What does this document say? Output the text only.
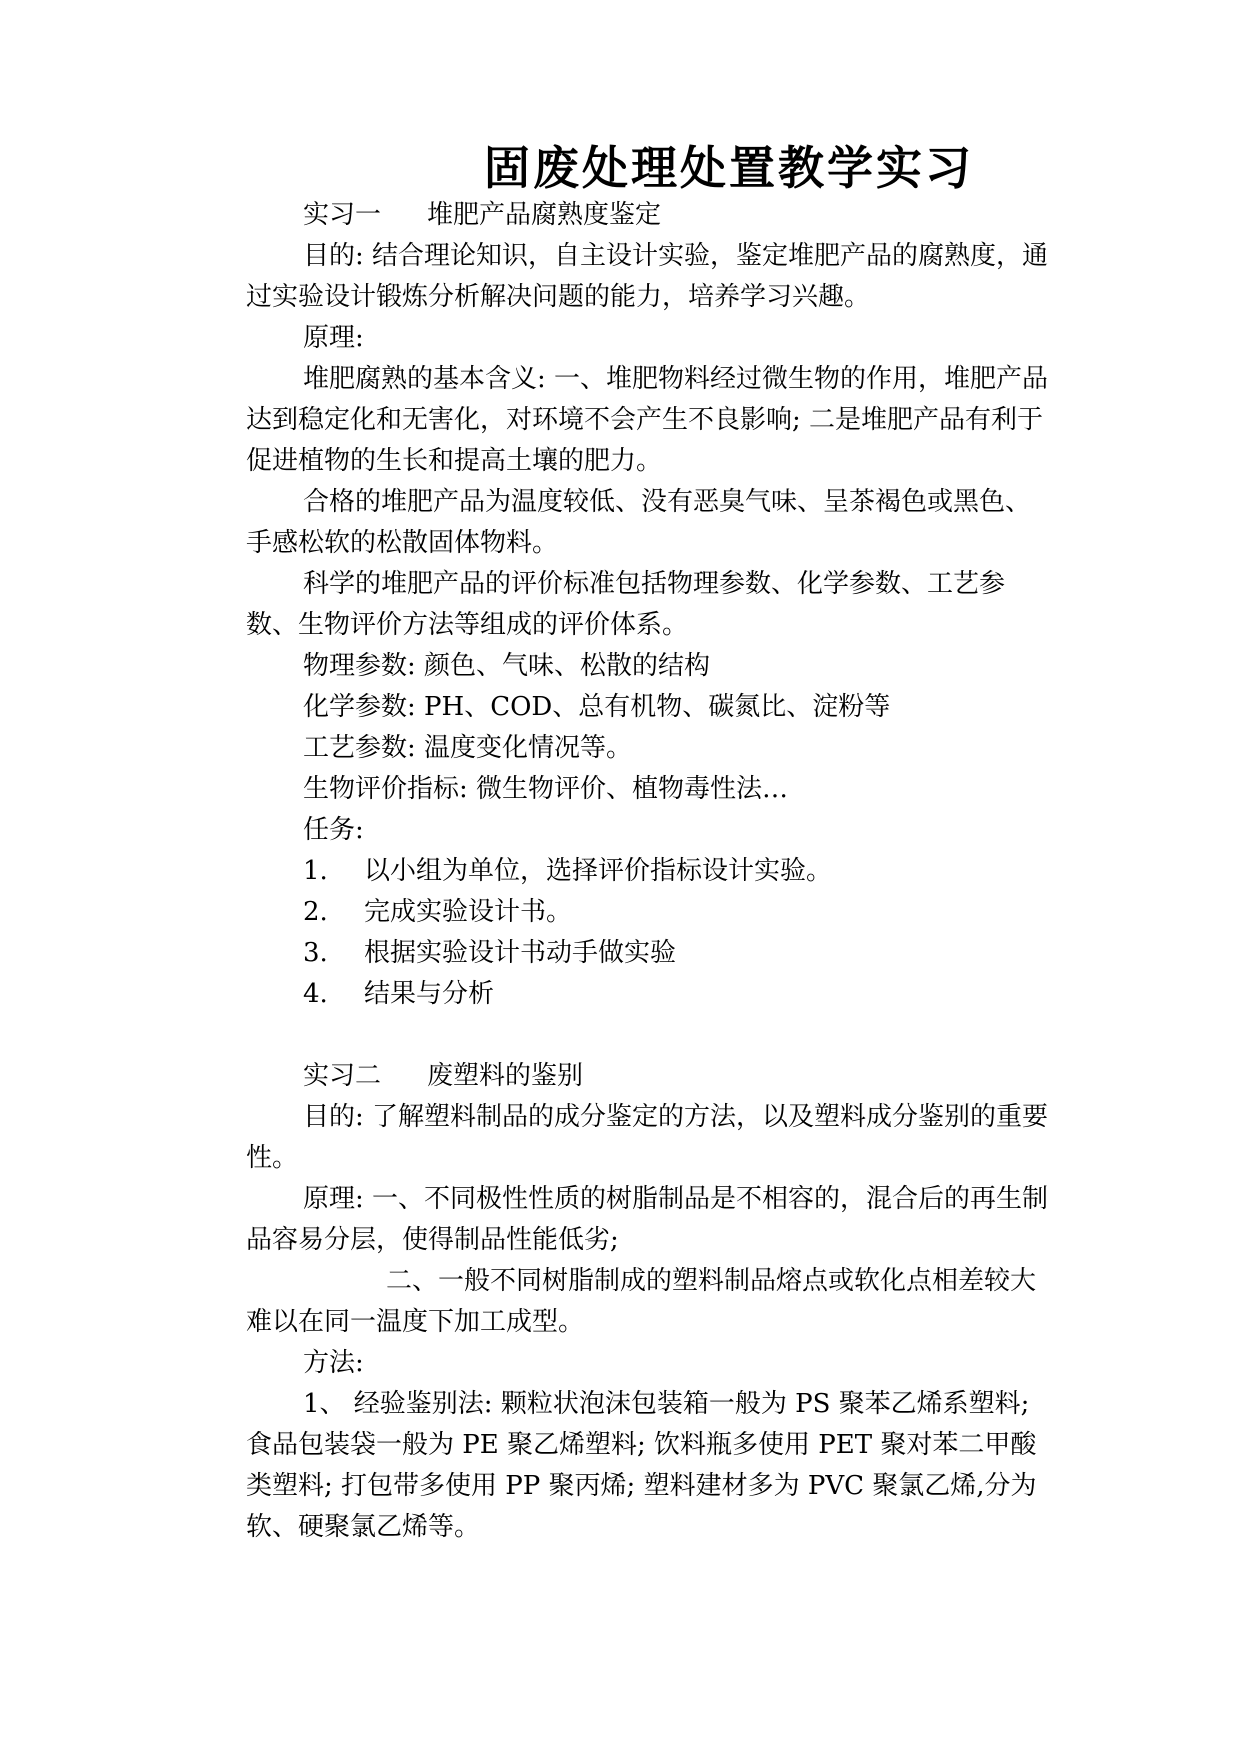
固废处理处置教学实习

实习一 堆肥产品腐熟度鉴定

目的: 结合理论知识，自主设计实验，鉴定堆肥产品的腐熟度，通过实验设计锻炼分析解决问题的能力，培养学习兴趣。

原理:

堆肥腐熟的基本含义: 一、堆肥物料经过微生物的作用，堆肥产品达到稳定化和无害化，对环境不会产生不良影响; 二是堆肥产品有利于促进植物的生长和提高土壤的肥力。

合格的堆肥产品为温度较低、没有恶臭气味、呈茶褐色或黑色、手感松软的松散固体物料。

科学的堆肥产品的评价标准包括物理参数、化学参数、工艺参数、生物评价方法等组成的评价体系。

物理参数: 颜色、气味、松散的结构

化学参数: PH、COD、总有机物、碳氮比、淀粉等

工艺参数: 温度变化情况等。

生物评价指标: 微生物评价、植物毒性法…

任务:

1. 以小组为单位，选择评价指标设计实验。

2. 完成实验设计书。

3. 根据实验设计书动手做实验

4. 结果与分析

实习二 废塑料的鉴别

目的: 了解塑料制品的成分鉴定的方法，以及塑料成分鉴别的重要性。

原理: 一、不同极性性质的树脂制品是不相容的，混合后的再生制品容易分层，使得制品性能低劣;

二、一般不同树脂制成的塑料制品熔点或软化点相差较大难以在同一温度下加工成型。

方法:

1、 经验鉴别法: 颗粒状泡沫包装箱一般为 PS 聚苯乙烯系塑料; 食品包装袋一般为 PE 聚乙烯塑料; 饮料瓶多使用 PET 聚对苯二甲酸类塑料; 打包带多使用 PP 聚丙烯; 塑料建材多为 PVC 聚氯乙烯,分为软、硬聚氯乙烯等。
